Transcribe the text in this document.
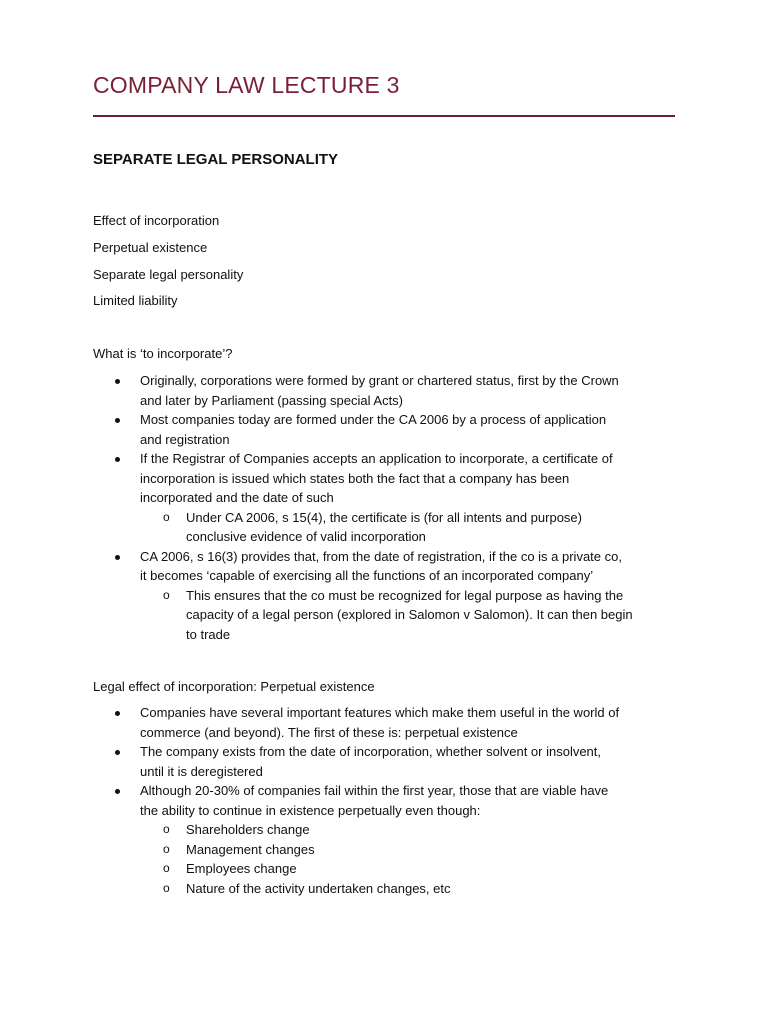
COMPANY LAW LECTURE 3
SEPARATE LEGAL PERSONALITY
Effect of incorporation
Perpetual existence
Separate legal personality
Limited liability
What is ‘to incorporate’?
Originally, corporations were formed by grant or chartered status, first by the Crown
and later by Parliament (passing special Acts)
Most companies today are formed under the CA 2006 by a process of application
and registration
If the Registrar of Companies accepts an application to incorporate, a certificate of
incorporation is issued which states both the fact that a company has been
incorporated and the date of such
o Under CA 2006, s 15(4), the certificate is (for all intents and purpose)
conclusive evidence of valid incorporation
CA 2006, s 16(3) provides that, from the date of registration, if the co is a private co,
it becomes ‘capable of exercising all the functions of an incorporated company’
o This ensures that the co must be recognized for legal purpose as having the
capacity of a legal person (explored in Salomon v Salomon). It can then begin
to trade
Legal effect of incorporation: Perpetual existence
Companies have several important features which make them useful in the world of
commerce (and beyond). The first of these is: perpetual existence
The company exists from the date of incorporation, whether solvent or insolvent,
until it is deregistered
Although 20-30% of companies fail within the first year, those that are viable have
the ability to continue in existence perpetually even though:
o Shareholders change
o Management changes
o Employees change
o Nature of the activity undertaken changes, etc
